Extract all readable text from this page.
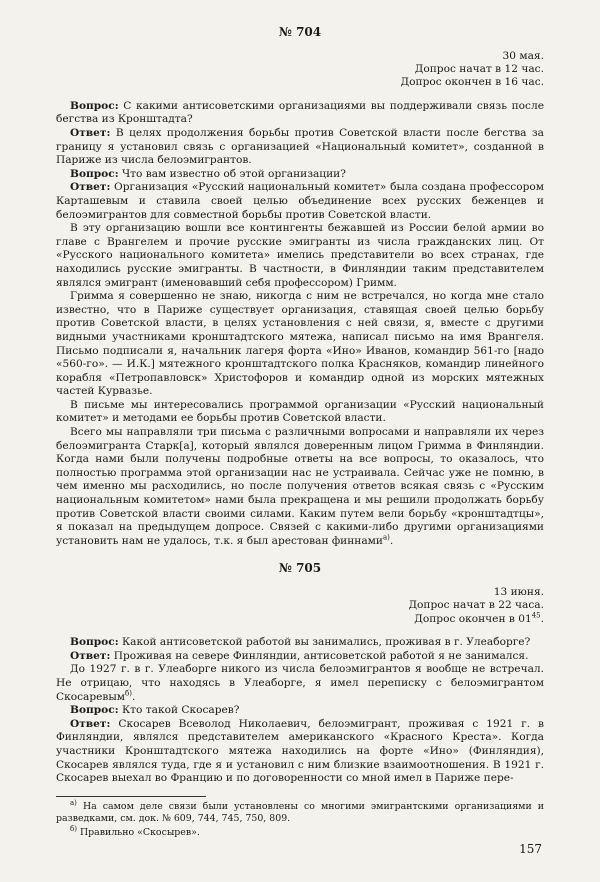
№ 704
30 мая.
Допрос начат в 12 час.
Допрос окончен в 16 час.

Вопрос: С какими антисоветскими организациями вы поддерживали связь после бегства из Кронштадта?

Ответ: В целях продолжения борьбы против Советской власти после бегства за границу я установил связь с организацией «Национальный комитет», созданной в Париже из числа белоэмигрантов.

Вопрос: Что вам известно об этой организации?

Ответ: Организация «Русский национальный комитет» была создана профессором Карташевым и ставила своей целью объединение всех русских беженцев и белоэмигрантов для совместной борьбы против Советской власти.

В эту организацию вошли все контингенты бежавшей из России белой армии во главе с Врангелем и прочие русские эмигранты из числа гражданских лиц. От «Русского национального комитета» имелись представители во всех странах, где находились русские эмигранты. В частности, в Финляндии таким представителем являлся эмигрант (именовавший себя профессором) Гримм.

Гримма я совершенно не знаю, никогда с ним не встречался, но когда мне стало известно, что в Париже существует организация, ставящая своей целью борьбу против Советской власти, в целях установления с ней связи, я, вместе с другими видными участниками кронштадтского мятежа, написал письмо на имя Врангеля. Письмо подписали я, начальник лагеря форта «Ино» Иванов, командир 561-го [надо «560-го». — И.К.] мятежного кронштадтского полка Красняков, командир линейного корабля «Петропавловск» Христофоров и командир одной из морских мятежных частей Курвазье.

В письме мы интересовались программой организации «Русский национальный комитет» и методами ее борьбы против Советской власти.

Всего мы направляли три письма с различными вопросами и направляли их через белоэмигранта Старк[а], который являлся доверенным лицом Гримма в Финляндии. Когда нами были получены подробные ответы на все вопросы, то оказалось, что полностью программа этой организации нас не устраивала. Сейчас уже не помню, в чем именно мы расходились, но после получения ответов всякая связь с «Русским национальным комитетом» нами была прекращена и мы решили продолжать борьбу против Советской власти своими силами. Каким путем вели борьбу «кронштадтцы», я показал на предыдущем допросе. Связей с какими-либо другими организациями установить нам не удалось, т.к. я был арестован финнами$^{а)}$.

№ 705
13 июня.
Допрос начат в 22 часа.
Допрос окончен в $01^{45}$.

Вопрос: Какой антисоветской работой вы занимались, проживая в г. Улеаборге?

Ответ: Проживая на севере Финляндии, антисоветской работой я не занимался.

До 1927 г. в г. Улеаборге никого из числа белоэмигрантов я вообще не встречал. Не отрицаю, что находясь в Улеаборге, я имел переписку с белоэмигрантом Скосаревым$^{б)}$.

Вопрос: Кто такой Скосарев?

Ответ: Скосарев Всеволод Николаевич, белоэмигрант, проживая с 1921 г. в Финляндии, являлся представителем американского «Красного Креста». Когда участники Кронштадтского мятежа находились на форте «Ино» (Финляндия), Скосарев являлся туда, где я и установил с ним близкие взаимоотношения. В 1921 г. Скосарев выехал во Францию и по договоренности со мной имел в Париже пере-

$^{а)}$ На самом деле связи были установлены со многими эмигрантскими организациями и разведками, см. док. № 609, 744, 745, 750, 809.

$^{б)}$ Правильно «Скосырев».

157
